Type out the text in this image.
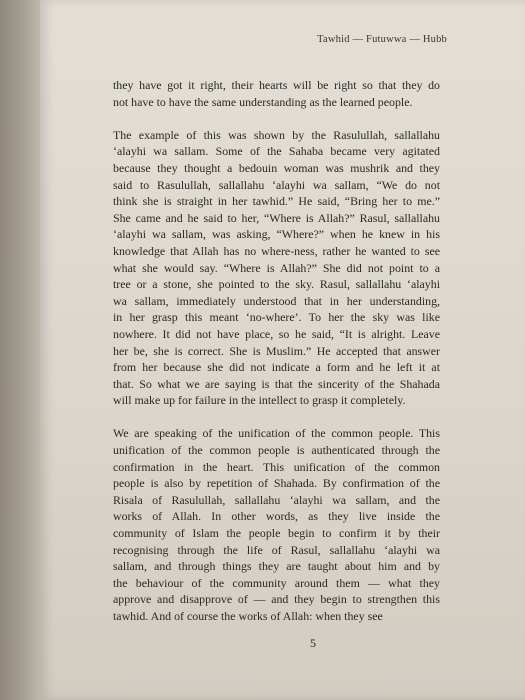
Tawhid — Futuwwa — Hubb

they have got it right, their hearts will be right so that they do
not have to have the same understanding as the learned people.

The example of this was shown by the Rasulullah, sallallahu
‘alayhi wa sallam. Some of the Sahaba became very agitated
because they thought a bedouin woman was mushrik and they
said to Rasulullah, sallallahu ‘alayhi wa sallam, “We do not
think she is straight in her tawhid.” He said, “Bring her to me.”
She came and he said to her, “Where is Allah?” Rasul, sallallahu
‘alayhi wa sallam, was asking, “Where?” when he knew in his
knowledge that Allah has no where-ness, rather he wanted to see
what she would say. “Where is Allah?” She did not point to a
tree or a stone, she pointed to the sky. Rasul, sallallahu ‘alayhi
wa sallam, immediately understood that in her understanding,
in her grasp this meant ‘no-where’. To her the sky was like
nowhere. It did not have place, so he said, “It is alright. Leave
her be, she is correct. She is Muslim.” He accepted that answer
from her because she did not indicate a form and he left it at
that. So what we are saying is that the sincerity of the Shahada
will make up for failure in the intellect to grasp it completely.

We are speaking of the unification of the common people. This
unification of the common people is authenticated through the
confirmation in the heart. This unification of the common
people is also by repetition of Shahada. By confirmation of the
Risala of Rasulullah, sallallahu ‘alayhi wa sallam, and the
works of Allah. In other words, as they live inside the
community of Islam the people begin to confirm it by their
recognising through the life of Rasul, sallallahu ‘alayhi wa
sallam, and through things they are taught about him and by
the behaviour of the community around them — what they
approve and disapprove of — and they begin to strengthen this
tawhid. And of course the works of Allah: when they see

5
